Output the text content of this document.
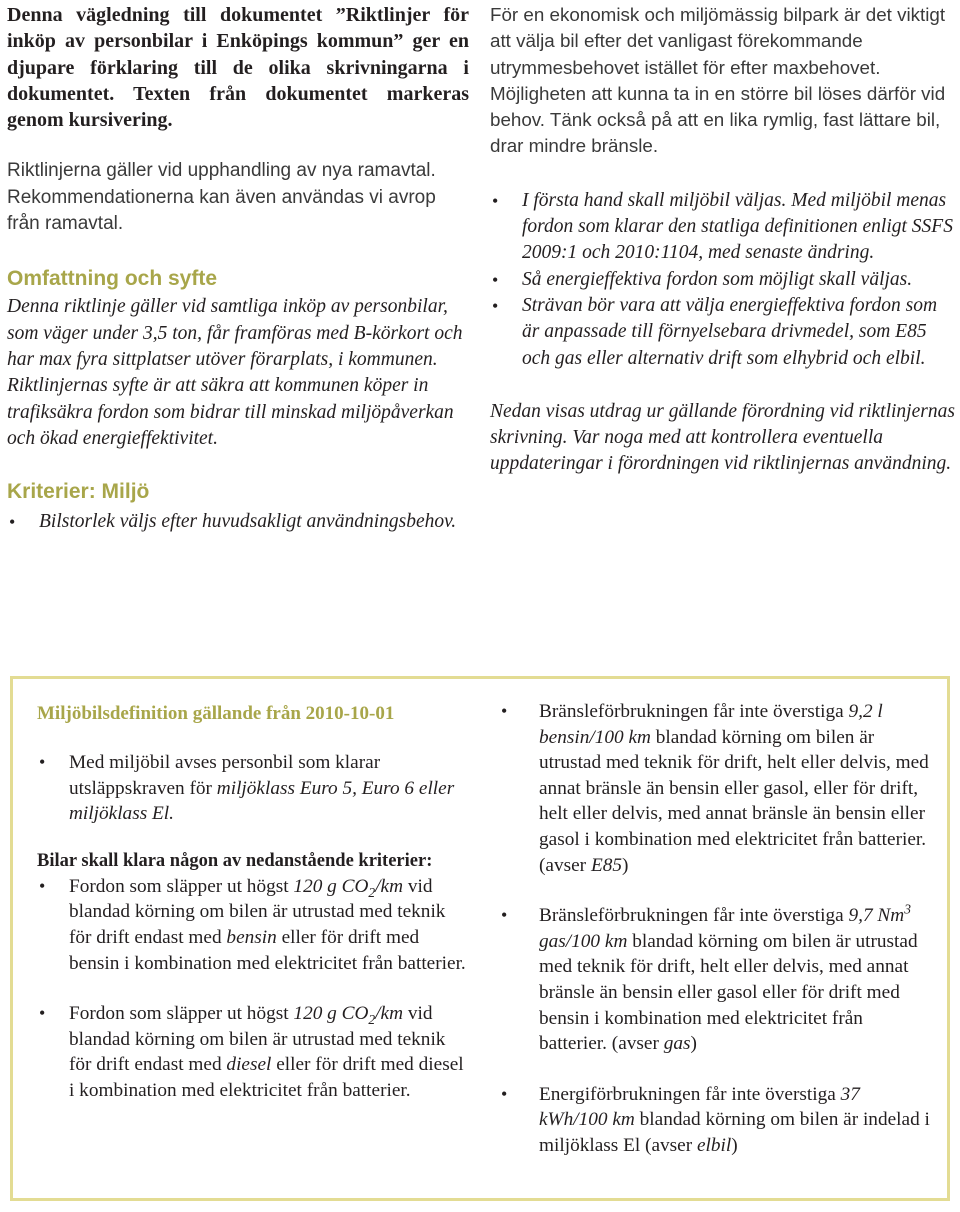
Denna vägledning till dokumentet ”Riktlinjer för inköp av personbilar i Enköpings kommun” ger en djupare förklaring till de olika skrivningarna i dokumentet. Texten från dokumentet markeras genom kursivering.

Riktlinjerna gäller vid upphandling av nya ramavtal. Rekommendationerna kan även användas vi avrop från ramavtal.

Omfattning och syfte

Denna riktlinje gäller vid samtliga inköp av personbilar, som väger under 3,5 ton, får framföras med B-körkort och har max fyra sittplatser utöver förarplats, i kommunen. Riktlinjernas syfte är att säkra att kommunen köper in trafiksäkra fordon som bidrar till minskad miljöpåverkan och ökad energieffektivitet.

Kriterier: Miljö
• Bilstorlek väljs efter huvudsakligt användningsbehov.

För en ekonomisk och miljömässig bilpark är det viktigt att välja bil efter det vanligast förekommande utrymmesbehovet istället för efter maxbehovet. Möjligheten att kunna ta in en större bil löses därför vid behov. Tänk också på att en lika rymlig, fast lättare bil, drar mindre bränsle.

• I första hand skall miljöbil väljas. Med miljöbil menas fordon som klarar den statliga definitionen enligt SSFS 2009:1 och 2010:1104, med senaste ändring.
• Så energieffektiva fordon som möjligt skall väljas.
• Strävan bör vara att välja energieffektiva fordon som är anpassade till förnyelsebara drivmedel, som E85 och gas eller alternativ drift som elhybrid och elbil.

Nedan visas utdrag ur gällande förordning vid riktlinjernas skrivning. Var noga med att kontrollera eventuella uppdateringar i förordningen vid riktlinjernas användning.

Miljöbilsdefinition gällande från 2010-10-01
• Med miljöbil avses personbil som klarar utsläppskraven för miljöklass Euro 5, Euro 6 eller miljöklass El.

Bilar skall klara någon av nedanstående kriterier:

• Fordon som släpper ut högst 120 g $CO_2/km$ vid blandad körning om bilen är utrustad med teknik för drift endast med bensin eller för drift med bensin i kombination med elektricitet från batterier.
• Fordon som släpper ut högst 120 g $CO_2/km$ vid blandad körning om bilen är utrustad med teknik för drift endast med diesel eller för drift med diesel i kombination med elektricitet från batterier.
• Bränsleförbrukningen får inte överstiga 9,2 l bensin/100 km blandad körning om bilen är utrustad med teknik för drift, helt eller delvis, med annat bränsle än bensin eller gasol, eller för drift, helt eller delvis, med annat bränsle än bensin eller gasol i kombination med elektricitet från batterier. (avser E85)
• Bränsleförbrukningen får inte överstiga 9,7 Nm$^3$ gas/100 km blandad körning om bilen är utrustad med teknik för drift, helt eller delvis, med annat bränsle än bensin eller gasol eller för drift med bensin i kombination med elektricitet från batterier. (avser gas)
• Energiförbrukningen får inte överstiga 37 kWh/100 km blandad körning om bilen är indelad i miljöklass El (avser elbil)
